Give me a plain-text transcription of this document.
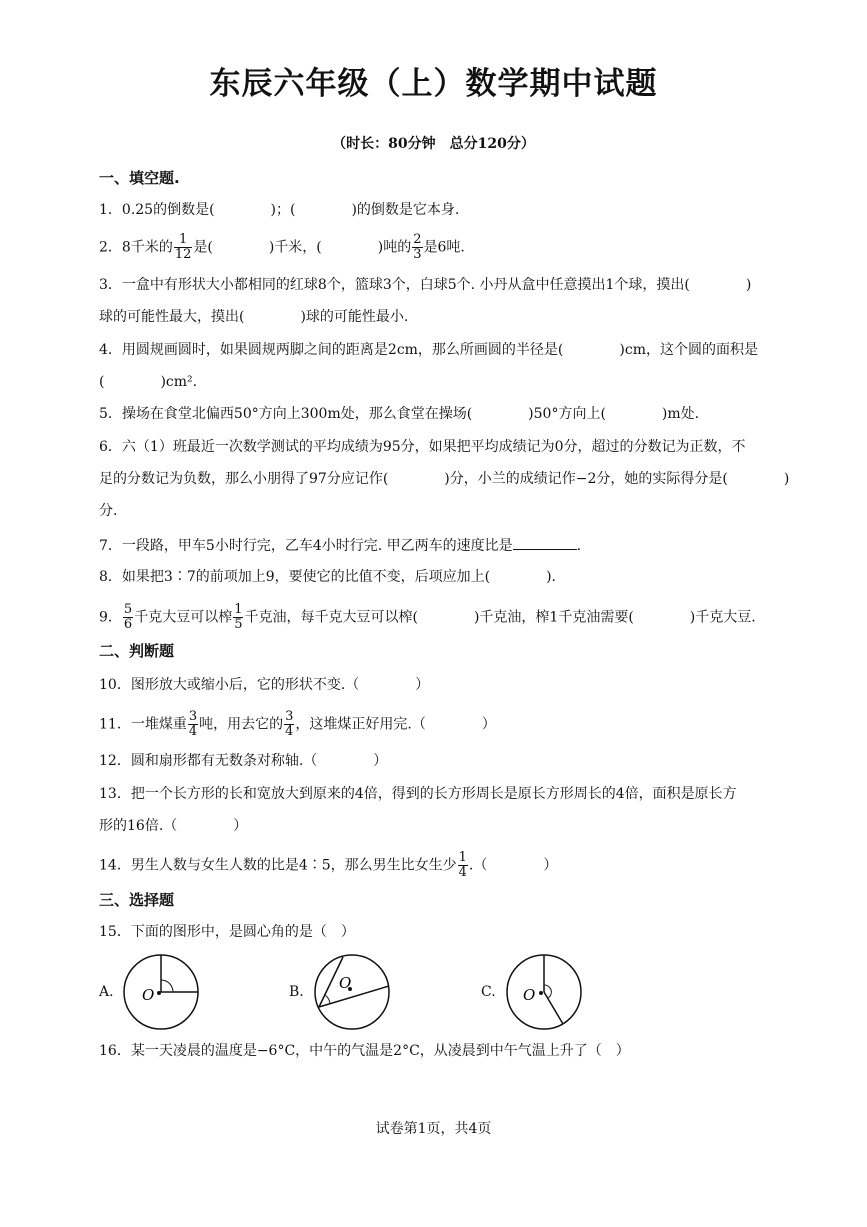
东辰六年级（上）数学期中试题
（时长：80分钟　总分120分）
一、填空题.
1．0.25的倒数是(　　　　)；(　　　　)的倒数是它本身.
2．8千米的 $\frac{1}{12}$ 是(　　　　)千米，(　　　　)吨的 $\frac{2}{3}$ 是6吨.
3．一盒中有形状大小都相同的红球8个，篮球3个，白球5个. 小丹从盒中任意摸出1个球，摸出(　　　　)
球的可能性最大，摸出(　　　　)球的可能性最小.
4．用圆规画圆时，如果圆规两脚之间的距离是2cm，那么所画圆的半径是(　　　　)cm，这个圆的面积是
(　　　　)cm².
5．操场在食堂北偏西50°方向上300m处，那么食堂在操场(　　　　)50°方向上(　　　　)m处.
6．六（1）班最近一次数学测试的平均成绩为95分，如果把平均成绩记为0分，超过的分数记为正数，不
足的分数记为负数，那么小朋得了97分应记作(　　　　)分，小兰的成绩记作−2分，她的实际得分是(　　　　)
分.
7．一段路，甲车5小时行完，乙车4小时行完. 甲乙两车的速度比是	.
8．如果把3∶7的前项加上9，要使它的比值不变，后项应加上(　　　　).
9． $\frac{5}{6}$ 千克大豆可以榨 $\frac{1}{5}$ 千克油，每千克大豆可以榨(　　　　)千克油，榨1千克油需要(　　　　)千克大豆.
二、判断题
10．图形放大或缩小后，它的形状不变.（　　　　）
11．一堆煤重 $\frac{3}{4}$ 吨，用去它的 $\frac{3}{4}$ ，这堆煤正好用完.（　　　　）
12．圆和扇形都有无数条对称轴.（　　　　）
13．把一个长方形的长和宽放大到原来的4倍，得到的长方形周长是原长方形周长的4倍，面积是原长方
形的16倍.（　　　　）
14．男生人数与女生人数的比是4∶5，那么男生比女生少 $\frac{1}{4}$ .（　　　　）
三、选择题
15．下面的图形中，是圆心角的是（　）
A.	B.	C.
O
O
O
16．某一天凌晨的温度是−6°C，中午的气温是2°C，从凌晨到中午气温上升了（　）
试卷第1页，共4页
